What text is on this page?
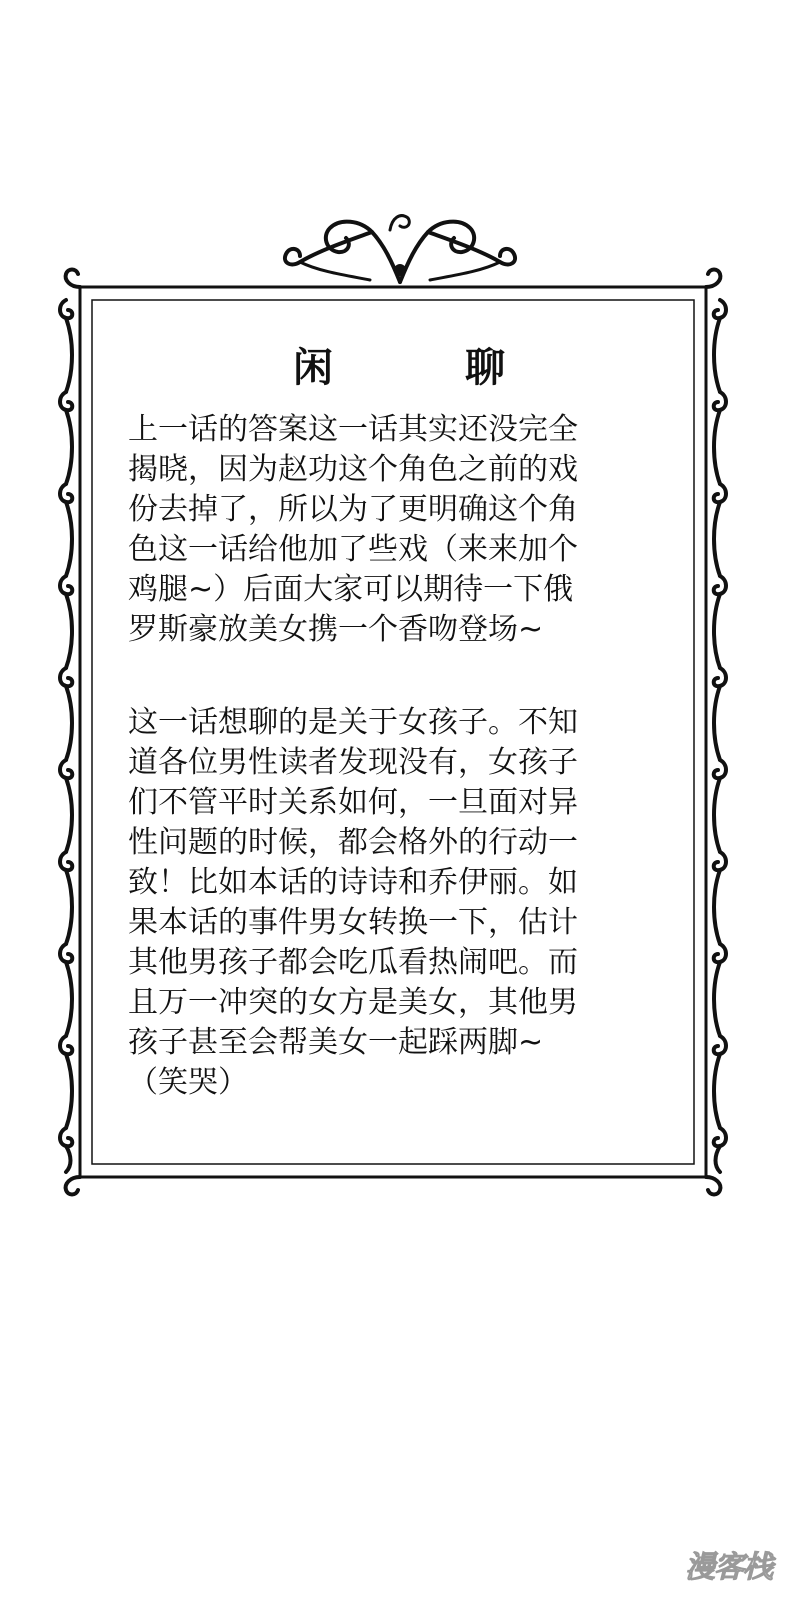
闲	聊
上一话的答案这一话其实还没完全
揭晓，因为赵功这个角色之前的戏
份去掉了，所以为了更明确这个角
色这一话给他加了些戏（来来加个
鸡腿~）后面大家可以期待一下俄
罗斯豪放美女携一个香吻登场~
这一话想聊的是关于女孩子。不知
道各位男性读者发现没有，女孩子
们不管平时关系如何，一旦面对异
性问题的时候，都会格外的行动一
致！比如本话的诗诗和乔伊丽。如
果本话的事件男女转换一下，估计
其他男孩子都会吃瓜看热闹吧。而
且万一冲突的女方是美女，其他男
孩子甚至会帮美女一起踩两脚~
（笑哭）
漫客栈
